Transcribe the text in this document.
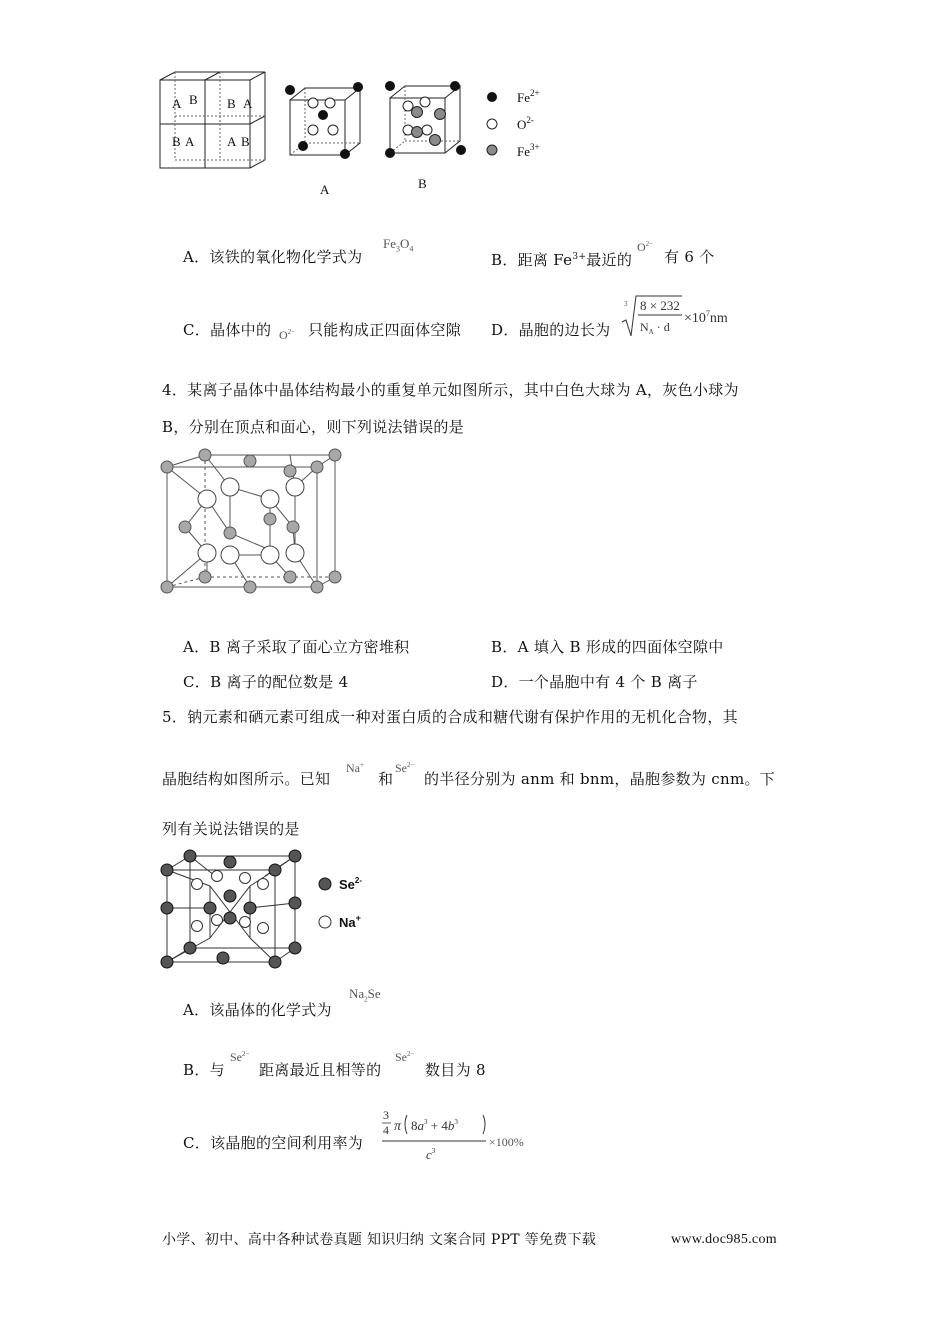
A B B A
B A	A B
A	B
$Fe^{2+}$
$O^{2-}$
$Fe^{3+}$
A．该铁的氧化物化学式为
$Fe_3O_4$
B．距离 $Fe^{3+}$最近的
$O^{2-}$
有 6 个
C．晶体中的 $O^{2-}$ 只能构成正四面体空隙 D．晶胞的边长为
3 8 × 232
$N_A \cdot d$
$\times 10^7nm$
4．某离子晶体中晶体结构最小的重复单元如图所示，其中白色大球为 A，灰色小球为
B，分别在顶点和面心，则下列说法错误的是
A．B 离子采取了面心立方密堆积	B．A 填入 B 形成的四面体空隙中
C．B 离子的配位数是 4	D．一个晶胞中有 4 个 B 离子
5．钠元素和硒元素可组成一种对蛋白质的合成和糖代谢有保护作用的无机化合物，其
晶胞结构如图所示。已知
Na+
和
$Se^{2-}$
的半径分别为 anm 和 bnm，晶胞参数为 cnm。下
列有关说法错误的是
$Se^{2-}$
Na+
A．该晶体的化学式为
$Na_2Se$
B．与
$Se^{2-}$
距离最近且相等的
$Se^{2-}$
数目为 8
C．该晶胞的空间利用率为
3
4 π $8a^3 + 4b^3$
$c^3$
×100%
小学、初中、高中各种试卷真题 知识归纳 文案合同 PPT 等免费下载	www.doc985.com
